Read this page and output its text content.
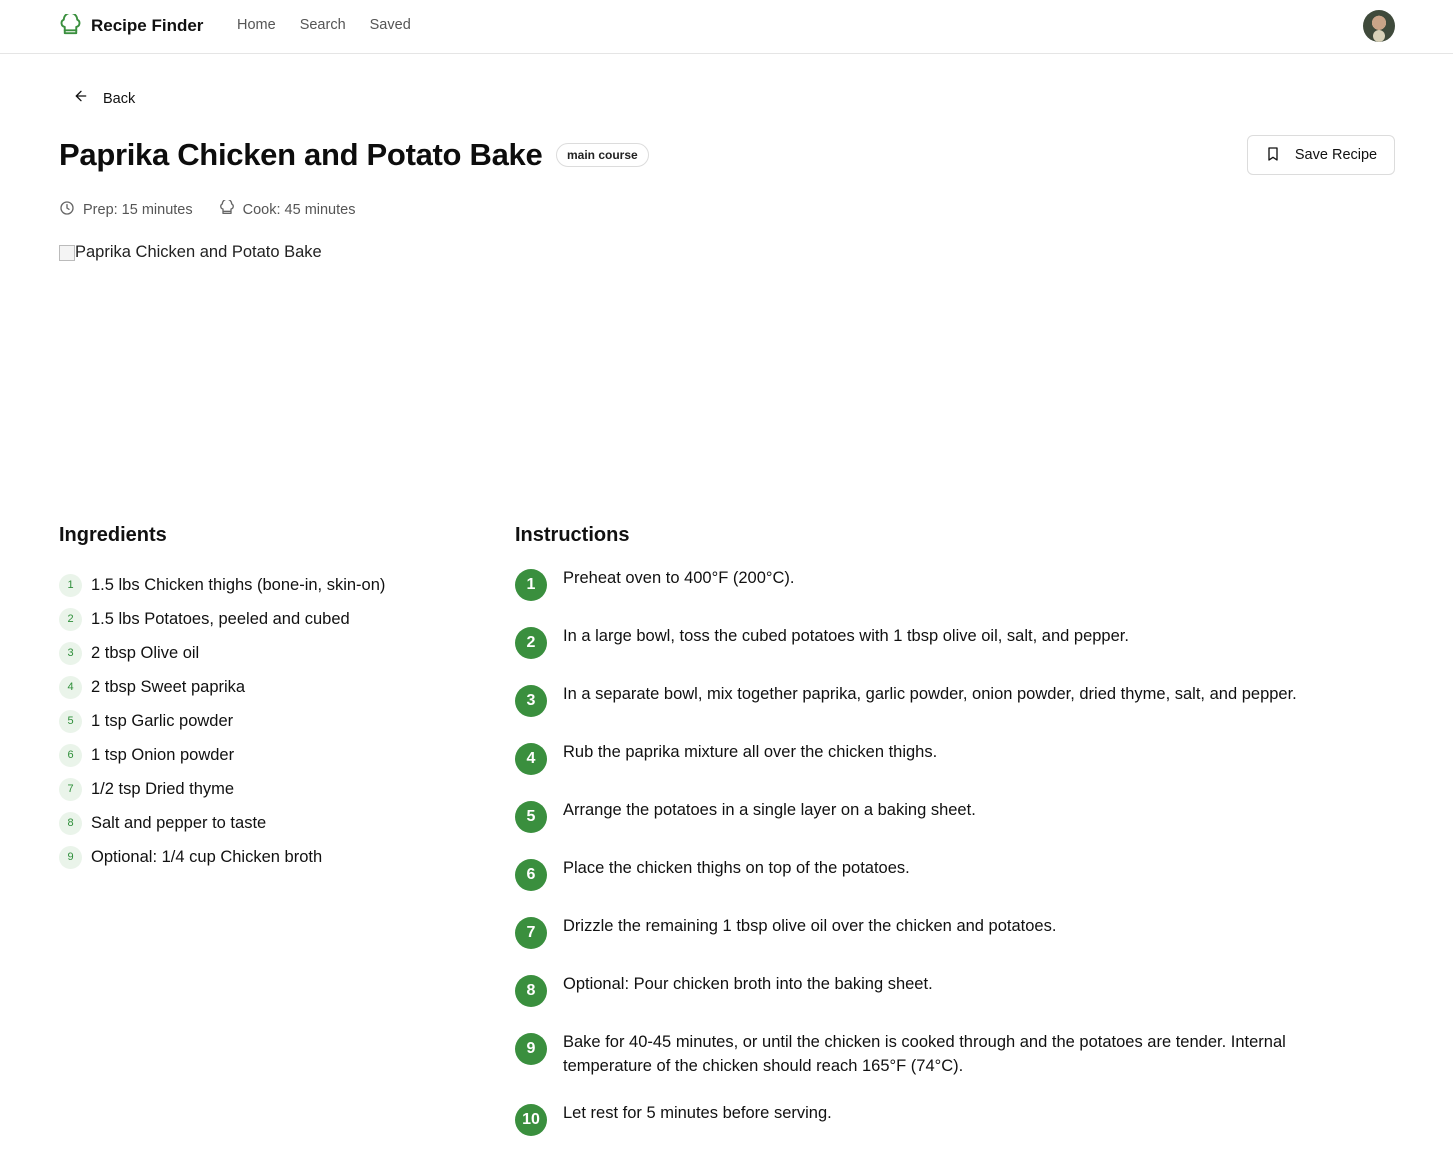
Recipe Finder Home Search Saved
Back
Paprika Chicken and Potato Bake	main course	Save Recipe
Prep: 15 minutes	Cook: 45 minutes
Paprika Chicken and Potato Bake
Ingredients
1	1.5 lbs Chicken thighs (bone-in, skin-on)
2	1.5 lbs Potatoes, peeled and cubed
3	2 tbsp Olive oil
4	2 tbsp Sweet paprika
5	1 tsp Garlic powder
6	1 tsp Onion powder
7	1/2 tsp Dried thyme
8	Salt and pepper to taste
9	Optional: 1/4 cup Chicken broth
Instructions
1	Preheat oven to 400°F (200°C).
2	In a large bowl, toss the cubed potatoes with 1 tbsp olive oil, salt, and pepper.
3	In a separate bowl, mix together paprika, garlic powder, onion powder, dried thyme, salt, and pepper.
4	Rub the paprika mixture all over the chicken thighs.
5	Arrange the potatoes in a single layer on a baking sheet.
6	Place the chicken thighs on top of the potatoes.
7	Drizzle the remaining 1 tbsp olive oil over the chicken and potatoes.
8	Optional: Pour chicken broth into the baking sheet.
9	Bake for 40-45 minutes, or until the chicken is cooked through and the potatoes are tender. Internal temperature of the chicken should reach 165°F (74°C).
10	Let rest for 5 minutes before serving.
